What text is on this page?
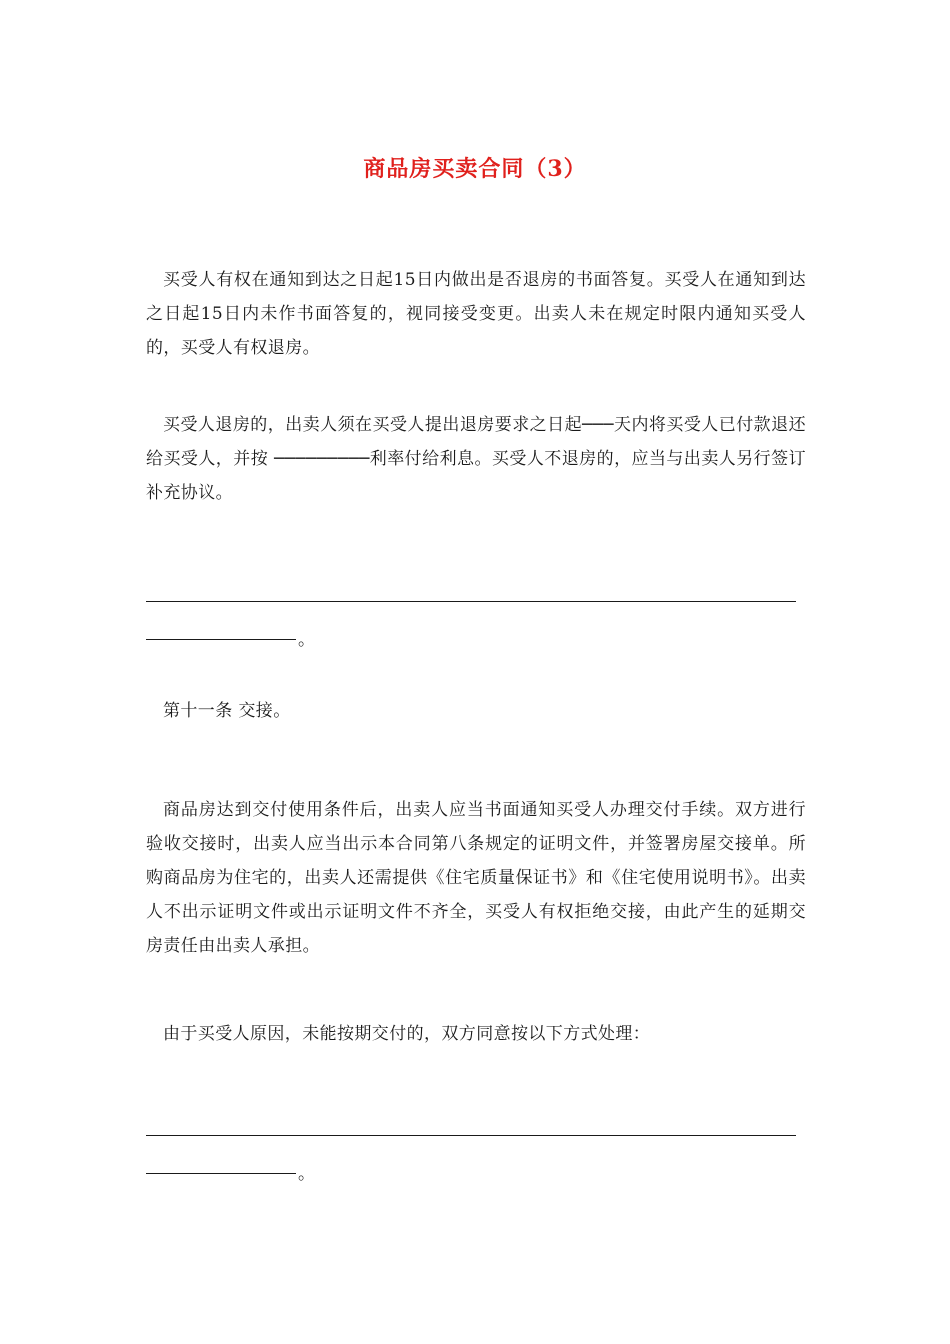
商品房买卖合同（3）

买受人有权在通知到达之日起15日内做出是否退房的书面答复。买受人在通知到达之日起15日内未作书面答复的，视同接受变更。出卖人未在规定时限内通知买受人的，买受人有权退房。

买受人退房的，出卖人须在买受人提出退房要求之日起───天内将买受人已付款退还给买受人，并按 ─────────利率付给利息。买受人不退房的，应当与出卖人另行签订补充协议。

。

第十一条 交接。

商品房达到交付使用条件后，出卖人应当书面通知买受人办理交付手续。双方进行验收交接时，出卖人应当出示本合同第八条规定的证明文件，并签署房屋交接单。所购商品房为住宅的，出卖人还需提供《住宅质量保证书》和《住宅使用说明书》。出卖人不出示证明文件或出示证明文件不齐全，买受人有权拒绝交接，由此产生的延期交房责任由出卖人承担。

由于买受人原因，未能按期交付的，双方同意按以下方式处理：

。
